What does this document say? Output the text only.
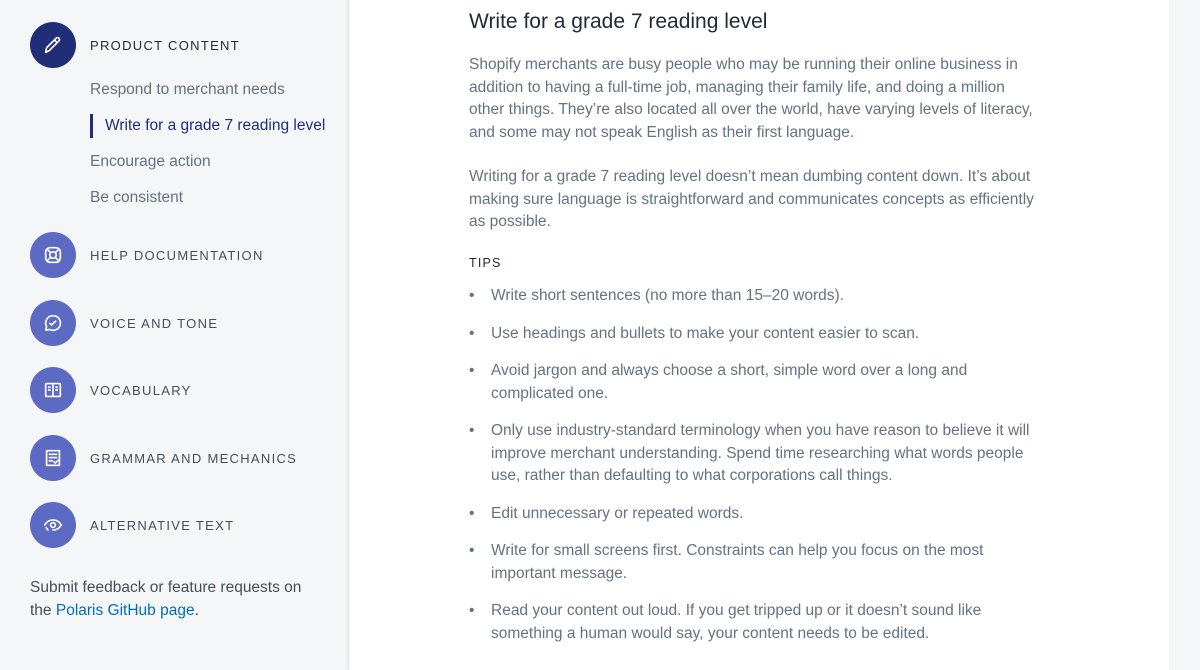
PRODUCT CONTENT
Respond to merchant needs
Write for a grade 7 reading level
Encourage action
Be consistent
HELP DOCUMENTATION
VOICE AND TONE
VOCABULARY
GRAMMAR AND MECHANICS
ALTERNATIVE TEXT
Submit feedback or feature requests on the Polaris GitHub page.
Write for a grade 7 reading level

Shopify merchants are busy people who may be running their online business in addition to having a full-time job, managing their family life, and doing a million other things. They’re also located all over the world, have varying levels of literacy, and some may not speak English as their first language.

Writing for a grade 7 reading level doesn’t mean dumbing content down. It’s about making sure language is straightforward and communicates concepts as efficiently as possible.

TIPS
• Write short sentences (no more than 15–20 words).
• Use headings and bullets to make your content easier to scan.
• Avoid jargon and always choose a short, simple word over a long and complicated one.
• Only use industry-standard terminology when you have reason to believe it will improve merchant understanding. Spend time researching what words people use, rather than defaulting to what corporations call things.
• Edit unnecessary or repeated words.
• Write for small screens first. Constraints can help you focus on the most important message.
• Read your content out loud. If you get tripped up or it doesn’t sound like something a human would say, your content needs to be edited.
